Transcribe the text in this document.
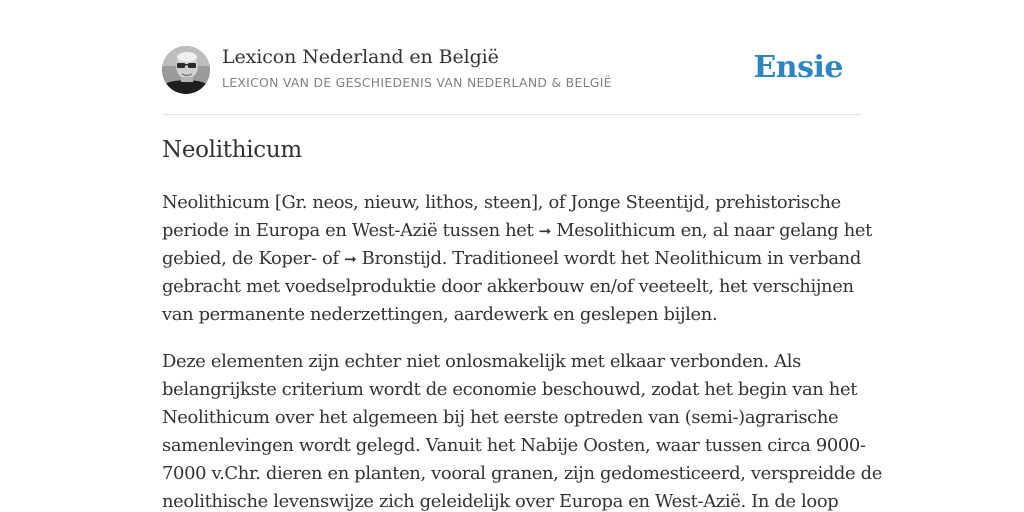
Lexicon Nederland en België
LEXICON VAN DE GESCHIEDENIS VAN NEDERLAND & BELGIË	Ensie
Neolithicum

Neolithicum [Gr. neos, nieuw, lithos, steen], of Jonge Steentijd, prehistorische
periode in Europa en West-Azië tussen het ➞ Mesolithicum en, al naar gelang het
gebied, de Koper- of ➞ Bronstijd. Traditioneel wordt het Neolithicum in verband
gebracht met voedselproduktie door akkerbouw en/of veeteelt, het verschijnen
van permanente nederzettingen, aardewerk en geslepen bijlen.

Deze elementen zijn echter niet onlosmakelijk met elkaar verbonden. Als
belangrijkste criterium wordt de economie beschouwd, zodat het begin van het
Neolithicum over het algemeen bij het eerste optreden van (semi-)agrarische
samenlevingen wordt gelegd. Vanuit het Nabije Oosten, waar tussen circa 9000-
7000 v.Chr. dieren en planten, vooral granen, zijn gedomesticeerd, verspreidde de
neolithische levenswijze zich geleidelijk over Europa en West-Azië. In de loop
